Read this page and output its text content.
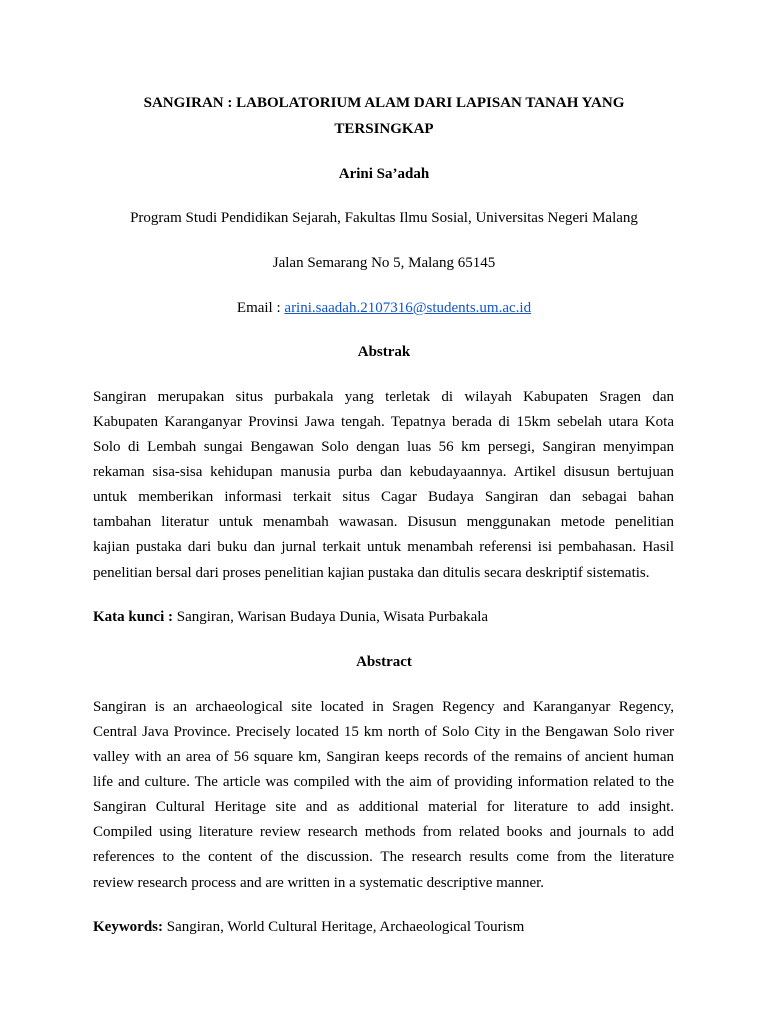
SANGIRAN : LABOLATORIUM ALAM DARI LAPISAN TANAH YANG
TERSINGKAP
Arini Sa’adah
Program Studi Pendidikan Sejarah, Fakultas Ilmu Sosial, Universitas Negeri Malang
Jalan Semarang No 5, Malang 65145
Email : arini.saadah.2107316@students.um.ac.id
Abstrak
Sangiran merupakan situs purbakala yang terletak di wilayah Kabupaten Sragen dan
Kabupaten Karanganyar Provinsi Jawa tengah. Tepatnya berada di 15km sebelah utara Kota
Solo di Lembah sungai Bengawan Solo dengan luas 56 km persegi, Sangiran menyimpan
rekaman sisa-sisa kehidupan manusia purba dan kebudayaannya. Artikel disusun bertujuan
untuk memberikan informasi terkait situs Cagar Budaya Sangiran dan sebagai bahan
tambahan literatur untuk menambah wawasan. Disusun menggunakan metode penelitian
kajian pustaka dari buku dan jurnal terkait untuk menambah referensi isi pembahasan. Hasil
penelitian bersal dari proses penelitian kajian pustaka dan ditulis secara deskriptif sistematis.
Kata kunci : Sangiran, Warisan Budaya Dunia, Wisata Purbakala
Abstract
Sangiran is an archaeological site located in Sragen Regency and Karanganyar Regency,
Central Java Province. Precisely located 15 km north of Solo City in the Bengawan Solo river
valley with an area of 56 square km, Sangiran keeps records of the remains of ancient human
life and culture. The article was compiled with the aim of providing information related to the
Sangiran Cultural Heritage site and as additional material for literature to add insight.
Compiled using literature review research methods from related books and journals to add
references to the content of the discussion. The research results come from the literature
review research process and are written in a systematic descriptive manner.
Keywords: Sangiran, World Cultural Heritage, Archaeological Tourism
